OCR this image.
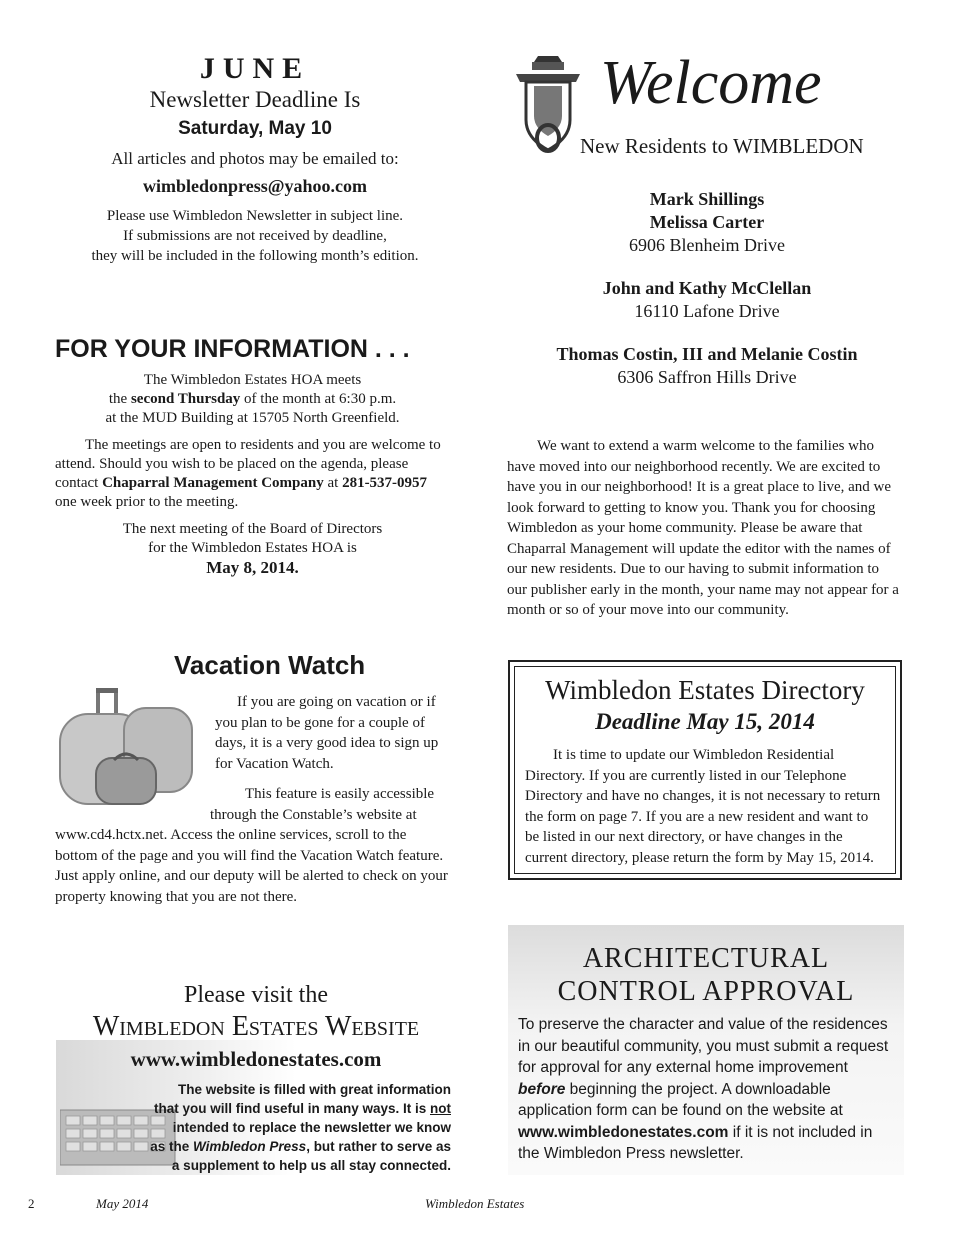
JUNE
Newsletter Deadline Is
Saturday, May 10
All articles and photos may be emailed to:
wimbledonpress@yahoo.com
Please use Wimbledon Newsletter in subject line.
If submissions are not received by deadline,
they will be included in the following month’s edition.
FOR YOUR INFORMATION . . .
The Wimbledon Estates HOA meets
the second Thursday of the month at 6:30 p.m.
at the MUD Building at 15705 North Greenfield.
The meetings are open to residents and you are welcome to attend. Should you wish to be placed on the agenda, please contact Chaparral Management Company at 281-537-0957 one week prior to the meeting.
The next meeting of the Board of Directors
for the Wimbledon Estates HOA is
May 8, 2014.
Welcome
New Residents to WIMBLEDON
Mark Shillings
Melissa Carter
6906 Blenheim Drive
John and Kathy McClellan
16110 Lafone Drive
Thomas Costin, III and Melanie Costin
6306 Saffron Hills Drive
We want to extend a warm welcome to the families who have moved into our neighborhood recently. We are excited to have you in our neighborhood! It is a great place to live, and we look forward to getting to know you. Thank you for choosing Wimbledon as your home community. Please be aware that Chaparral Management will update the editor with the names of our new residents. Due to our having to submit information to our publisher early in the month, your name may not appear for a month or so of your move into our community.
Vacation Watch
If you are going on vacation or if you plan to be gone for a couple of days, it is a very good idea to sign up for Vacation Watch.
This feature is easily accessible through the Constable’s website at
www.cd4.hctx.net. Access the online services, scroll to the bottom of the page and you will find the Vacation Watch feature. Just apply online, and our deputy will be alerted to check on your property knowing that you are not there.
Wimbledon Estates Directory
Deadline May 15, 2014
It is time to update our Wimbledon Residential Directory. If you are currently listed in our Telephone Directory and have no changes, it is not necessary to return the form on page 7. If you are a new resident and want to be listed in our next directory, or have changes in the current directory, please return the form by May 15, 2014.
Please visit the
Wimbledon Estates Website
www.wimbledonestates.com
The website is filled with great information
that you will find useful in many ways. It is not
intended to replace the newsletter we know
as the Wimbledon Press, but rather to serve as
a supplement to help us all stay connected.
ARCHITECTURAL
CONTROL APPROVAL
To preserve the character and value of the residences in our beautiful community, you must submit a request for approval for any external home improvement before beginning the project. A downloadable application form can be found on the website at www.wimbledonestates.com if it is not included in the Wimbledon Press newsletter.
2	May 2014	Wimbledon Estates
